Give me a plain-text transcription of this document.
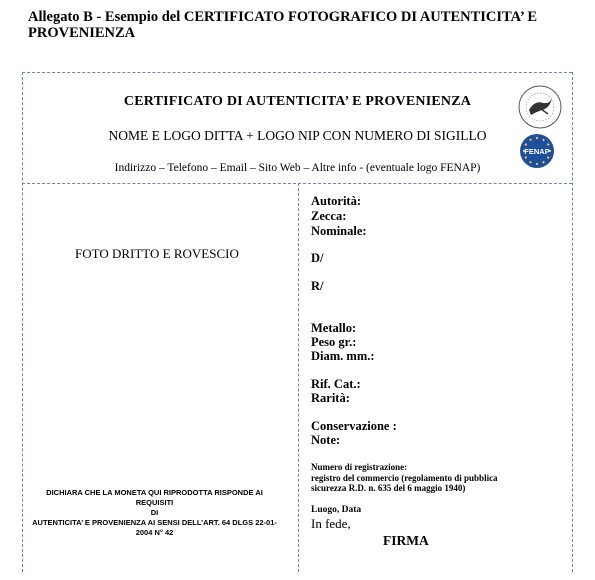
Allegato B - Esempio del CERTIFICATO FOTOGRAFICO DI AUTENTICITA’ E
PROVENIENZA
CERTIFICATO DI AUTENTICITA’ E PROVENIENZA
NOME E LOGO DITTA + LOGO NIP CON NUMERO DI SIGILLO
Indirizzo – Telefono – Email – Sito Web – Altre info - (eventuale logo FENAP)
FENAP
FOTO DRITTO E ROVESCIO
Autorità:
Zecca:
Nominale:
D/
R/
Metallo:
Peso gr.:
Diam. mm.:
Rif. Cat.:
Rarità:
Conservazione :
Note:
Numero di registrazione:
registro del commercio (regolamento di pubblica
sicurezza R.D. n. 635 del 6 maggio 1940)
DICHIARA CHE LA MONETA QUI RIPRODOTTA RISPONDE AI REQUISITI
DI
AUTENTICITA’ E PROVENIENZA AI SENSI DELL’ART. 64 DLGS 22-01-
2004 N° 42
Luogo, Data
In fede,
FIRMA
